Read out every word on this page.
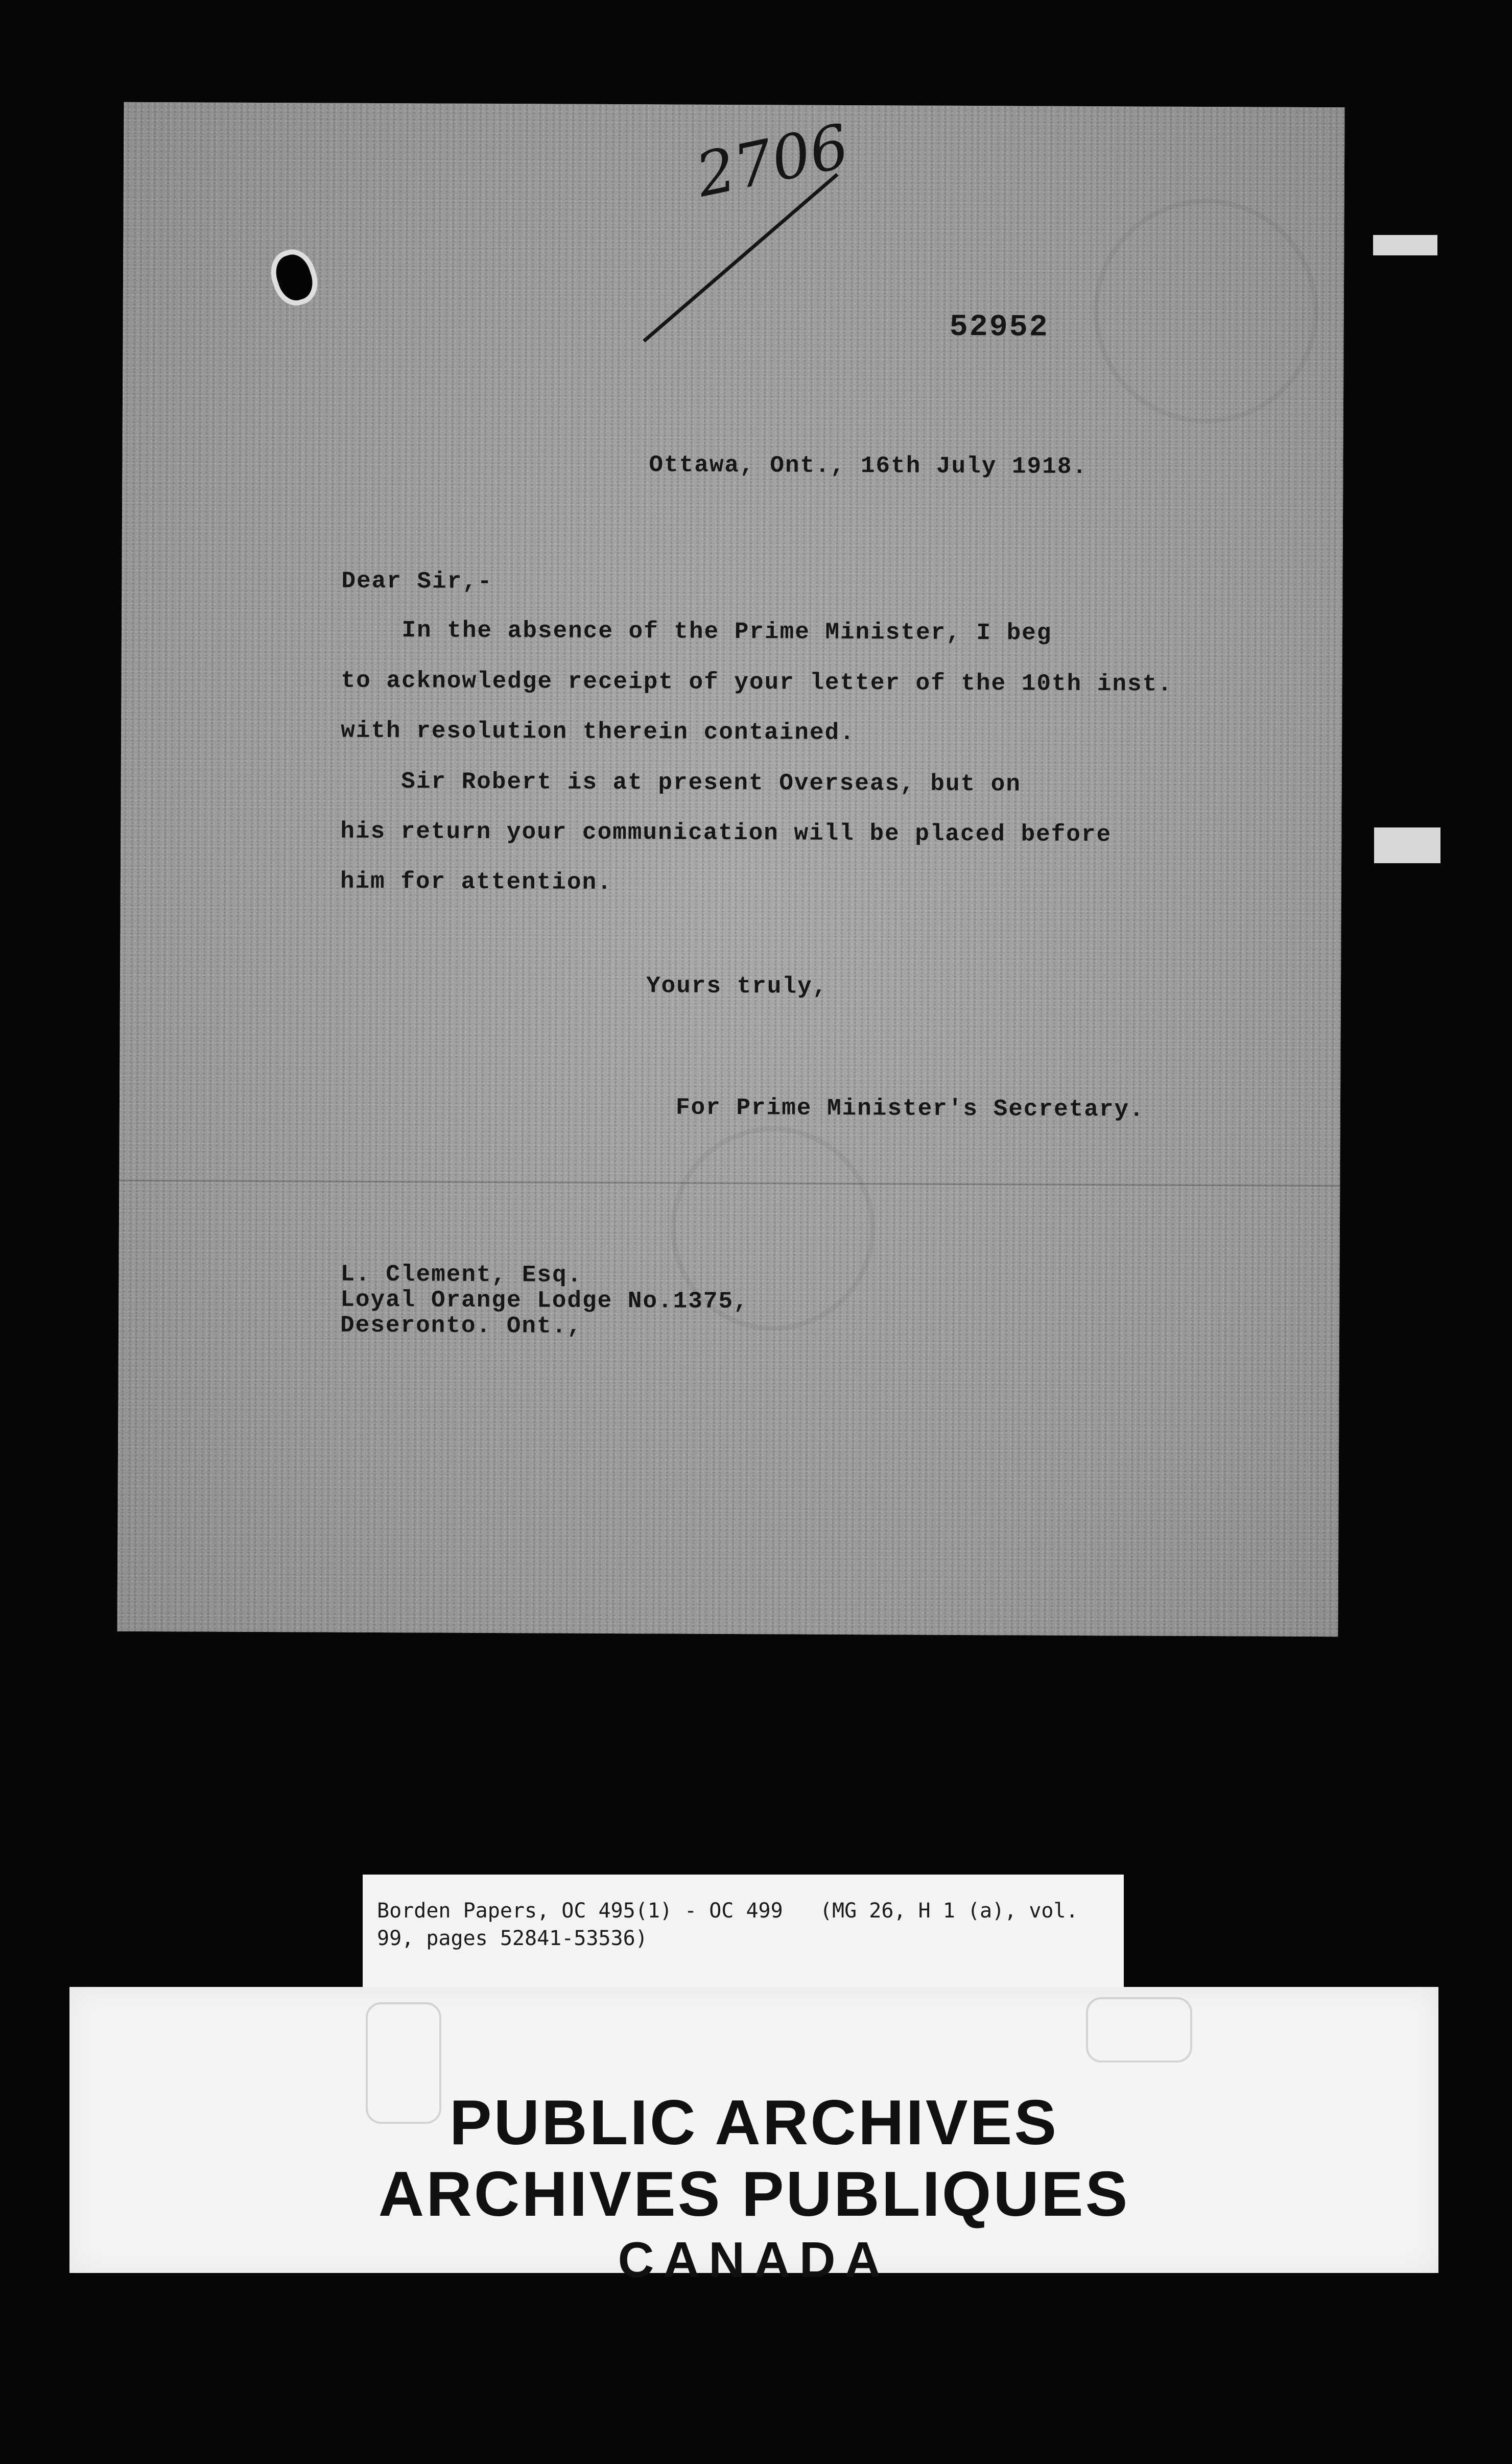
2706
52952
Ottawa, Ont., 16th July 1918.
Dear Sir,-
In the absence of the Prime Minister, I beg
to acknowledge receipt of your letter of the 10th inst.
with resolution therein contained.
Sir Robert is at present Overseas, but on
his return your communication will be placed before
him for attention.
Yours truly,
For Prime Minister's Secretary.
L. Clement, Esq.
Loyal Orange Lodge No.1375,
Deseronto. Ont.,
Borden Papers, OC 495(1) - OC 499   (MG 26, H 1 (a), vol.
99, pages 52841-53536)
PUBLIC ARCHIVES
ARCHIVES PUBLIQUES
CANADA
